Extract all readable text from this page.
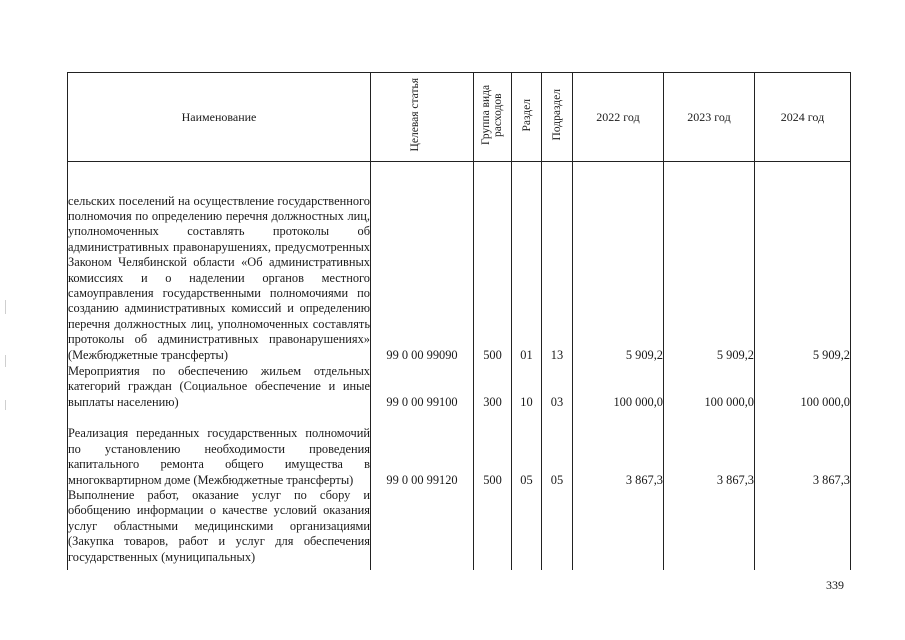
Наименование	Целевая статья	Группа вида расходов	Раздел	Подраздел	2022 год	2023 год	2024 год
сельских поселений на осуществление государственного полномочия по определению перечня должностных лиц, уполномоченных составлять протоколы об административных правонарушениях, предусмотренных Законом Челябинской области «Об административных комиссиях и о наделении органов местного самоуправления государственными полномочиями по созданию административных комиссий и определению перечня должностных лиц, уполномоченных составлять протоколы об административных правонарушениях» (Межбюджетные трансферты)	99 0 00 99090	500	01	13	5 909,2	5 909,2	5 909,2
Мероприятия по обеспечению жильем отдельных категорий граждан (Социальное обеспечение и иные выплаты населению)	99 0 00 99100	300	10	03	100 000,0	100 000,0	100 000,0
Реализация переданных государственных полномочий по установлению необходимости проведения капитального ремонта общего имущества в многоквартирном доме (Межбюджетные трансферты)	99 0 00 99120	500	05	05	3 867,3	3 867,3	3 867,3
Выполнение работ, оказание услуг по сбору и обобщению информации о качестве условий оказания услуг областными медицинскими организациями (Закупка товаров, работ и услуг для обеспечения государственных (муниципальных)							
339
